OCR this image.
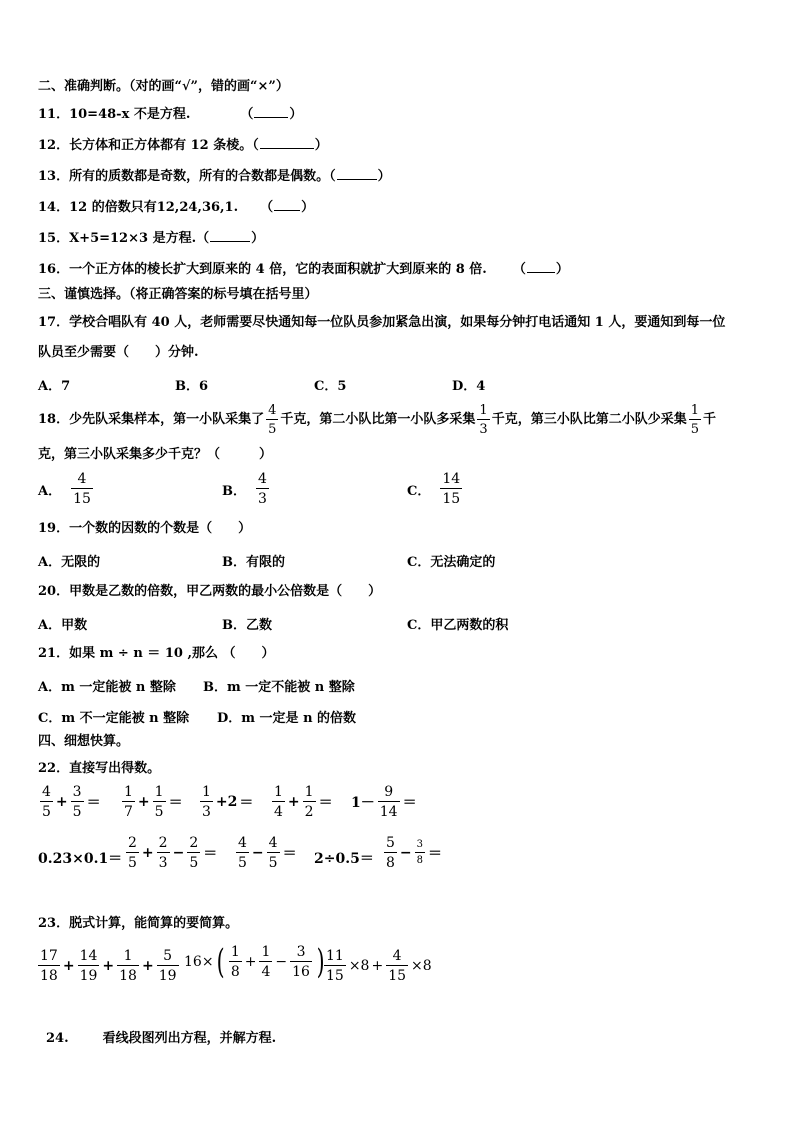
二、准确判断。（对的画“√”，错的画“×”）
11．10=48-x 不是方程.	（	）
12．长方体和正方体都有 12 条棱。（	）
13．所有的质数都是奇数，所有的合数都是偶数。（	）
14．12 的倍数只有12,24,36,1. （ ）
15．X+5=12×3 是方程.（	）
16．一个正方体的棱长扩大到原来的 4 倍，它的表面积就扩大到原来的 8 倍. （ ）
三、谨慎选择。（将正确答案的标号填在括号里）
17．学校合唱队有 40 人，老师需要尽快通知每一位队员参加紧急出演，如果每分钟打电话通知 1 人，要通知到每一位
队员至少需要（　　）分钟.
A．7	B．6	C．5	D．4
18．少先队采集样本，第一小队采集了 $\frac{4}{5}$ 千克，第二小队比第一小队多采集 $\frac{1}{3}$ 千克，第三小队比第二小队少采集 $\frac{1}{5}$ 千
克，第三小队采集多少千克？（　　　）
A． $\frac{4}{15}$	B． $\frac{4}{3}$	C． $\frac{14}{15}$
19．一个数的因数的个数是（　　）
A．无限的	B．有限的	C．无法确定的
20．甲数是乙数的倍数，甲乙两数的最小公倍数是（　　）
A．甲数	B．乙数	C．甲乙两数的积
21．如果 m ÷ n ＝ 10 ,那么 （　　）
A．m 一定能被 n 整除 B．m 一定不能被 n 整除
C．m 不一定能被 n 整除 D．m 一定是 n 的倍数
四、细想快算。
22．直接写出得数。
$\frac{4}{5} + \frac{3}{5} = \frac{1}{7} + \frac{1}{5} = \frac{1}{3} +2 = \frac{1}{4} + \frac{1}{2} = 1- \frac{9}{14}$ ＝
$0.23\times 0.1= \frac{2}{5} + \frac{2}{3} - \frac{2}{5} = \frac{4}{5} - \frac{4}{5} = 2\div 0.5= \frac{5}{8} - \frac{3}{8}$ ＝
23．脱式计算，能简算的要简算。
$\frac{17}{18} + \frac{14}{19} + \frac{1}{18} + \frac{5}{19} 16\times$ ( $\frac{1}{8} + \frac{1}{4} - \frac{3}{16}$ ) $\frac{11}{15} \times 8 + \frac{4}{15} \times 8$
24.	看线段图列出方程，并解方程.
